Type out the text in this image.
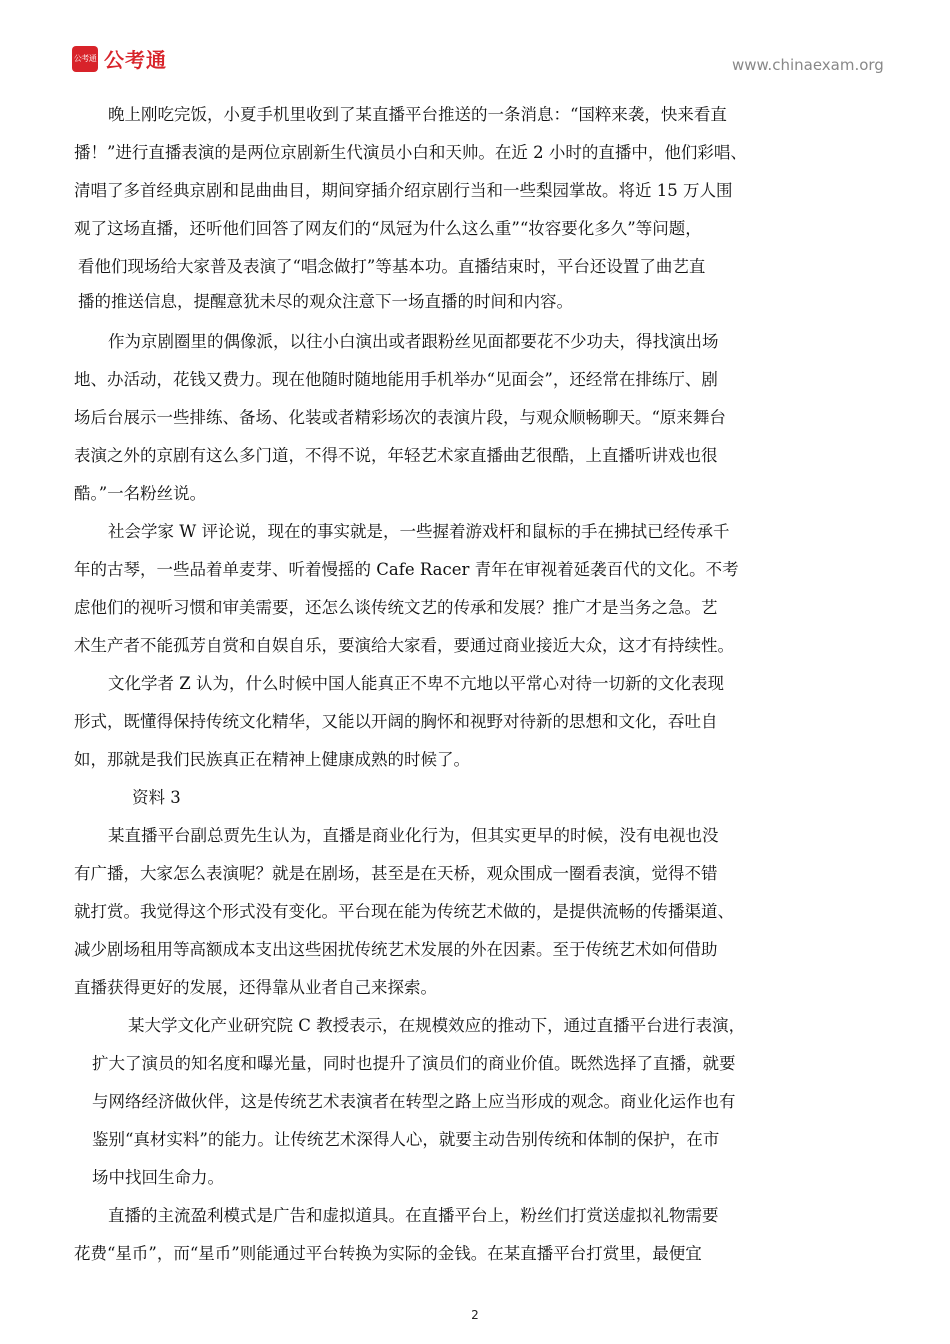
公考通 公考通	www.chinaexam.org
晚上刚吃完饭，小夏手机里收到了某直播平台推送的一条消息：“国粹来袭，快来看直
播！”进行直播表演的是两位京剧新生代演员小白和天帅。在近 2 小时的直播中，他们彩唱、
清唱了多首经典京剧和昆曲曲目，期间穿插介绍京剧行当和一些梨园掌故。将近 15 万人围
观了这场直播，还听他们回答了网友们的“凤冠为什么这么重”“妆容要化多久”等问题，
看他们现场给大家普及表演了“唱念做打”等基本功。直播结束时，平台还设置了曲艺直
播的推送信息，提醒意犹未尽的观众注意下一场直播的时间和内容。
作为京剧圈里的偶像派，以往小白演出或者跟粉丝见面都要花不少功夫，得找演出场
地、办活动，花钱又费力。现在他随时随地能用手机举办“见面会”，还经常在排练厅、剧
场后台展示一些排练、备场、化装或者精彩场次的表演片段，与观众顺畅聊天。“原来舞台
表演之外的京剧有这么多门道，不得不说，年轻艺术家直播曲艺很酷，上直播听讲戏也很
酷。”一名粉丝说。
社会学家 W 评论说，现在的事实就是，一些握着游戏杆和鼠标的手在拂拭已经传承千
年的古琴，一些品着单麦芽、听着慢摇的 Cafe Racer 青年在审视着延袭百代的文化。不考
虑他们的视听习惯和审美需要，还怎么谈传统文艺的传承和发展？推广才是当务之急。艺
术生产者不能孤芳自赏和自娱自乐，要演给大家看，要通过商业接近大众，这才有持续性。
文化学者 Z 认为，什么时候中国人能真正不卑不亢地以平常心对待一切新的文化表现
形式，既懂得保持传统文化精华，又能以开阔的胸怀和视野对待新的思想和文化，吞吐自
如，那就是我们民族真正在精神上健康成熟的时候了。
资料 3
某直播平台副总贾先生认为，直播是商业化行为，但其实更早的时候，没有电视也没
有广播，大家怎么表演呢？就是在剧场，甚至是在天桥，观众围成一圈看表演，觉得不错
就打赏。我觉得这个形式没有变化。平台现在能为传统艺术做的，是提供流畅的传播渠道、
减少剧场租用等高额成本支出这些困扰传统艺术发展的外在因素。至于传统艺术如何借助
直播获得更好的发展，还得靠从业者自己来探索。
某大学文化产业研究院 C 教授表示，在规模效应的推动下，通过直播平台进行表演，
扩大了演员的知名度和曝光量，同时也提升了演员们的商业价值。既然选择了直播，就要
与网络经济做伙伴，这是传统艺术表演者在转型之路上应当形成的观念。商业化运作也有
鉴别“真材实料”的能力。让传统艺术深得人心，就要主动告别传统和体制的保护，在市
场中找回生命力。
直播的主流盈利模式是广告和虚拟道具。在直播平台上，粉丝们打赏送虚拟礼物需要
花费“星币”，而“星币”则能通过平台转换为实际的金钱。在某直播平台打赏里，最便宜
2
